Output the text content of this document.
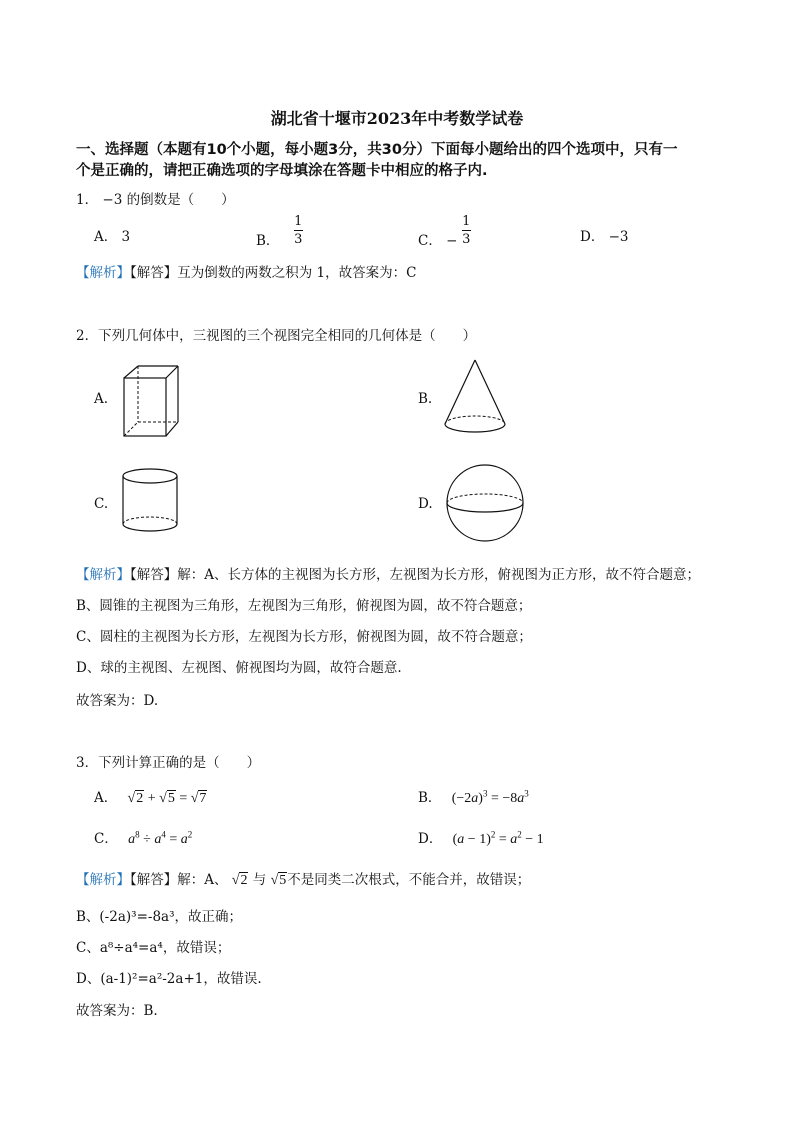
湖北省十堰市2023年中考数学试卷
一、选择题（本题有10个小题，每小题3分，共30分）下面每小题给出的四个选项中，只有一
个是正确的，请把正确选项的字母填涂在答题卡中相应的格子内.
1． −3 的倒数是（　　）
A． 3	B． $\frac{1}{3}$	C． − $\frac{1}{3}$	D． −3
【解析】【解答】互为倒数的两数之积为 1，故答案为：C
2．下列几何体中，三视图的三个视图完全相同的几何体是（　　）
A.	B.
C.	D.
【解析】【解答】解：A、长方体的主视图为长方形，左视图为长方形，俯视图为正方形，故不符合题意；
B、圆锥的主视图为三角形，左视图为三角形，俯视图为圆，故不符合题意；
C、圆柱的主视图为长方形，左视图为长方形，俯视图为圆，故不符合题意；
D、球的主视图、左视图、俯视图均为圆，故符合题意.
故答案为：D.
3．下列计算正确的是（　　）
A． √2 + √5 = √7	B． $(-2a)^3 = -8a^3$
C． $a^8 \div a^4 = a^2$	D． $(a - 1)^2 = a^2 - 1$
【解析】【解答】解：A、 √2 与 √5不是同类二次根式，不能合并，故错误；
B、(-2a)³=-8a³，故正确；
C、a⁸÷a⁴=a⁴，故错误；
D、(a-1)²=a²-2a+1，故错误.
故答案为：B.
